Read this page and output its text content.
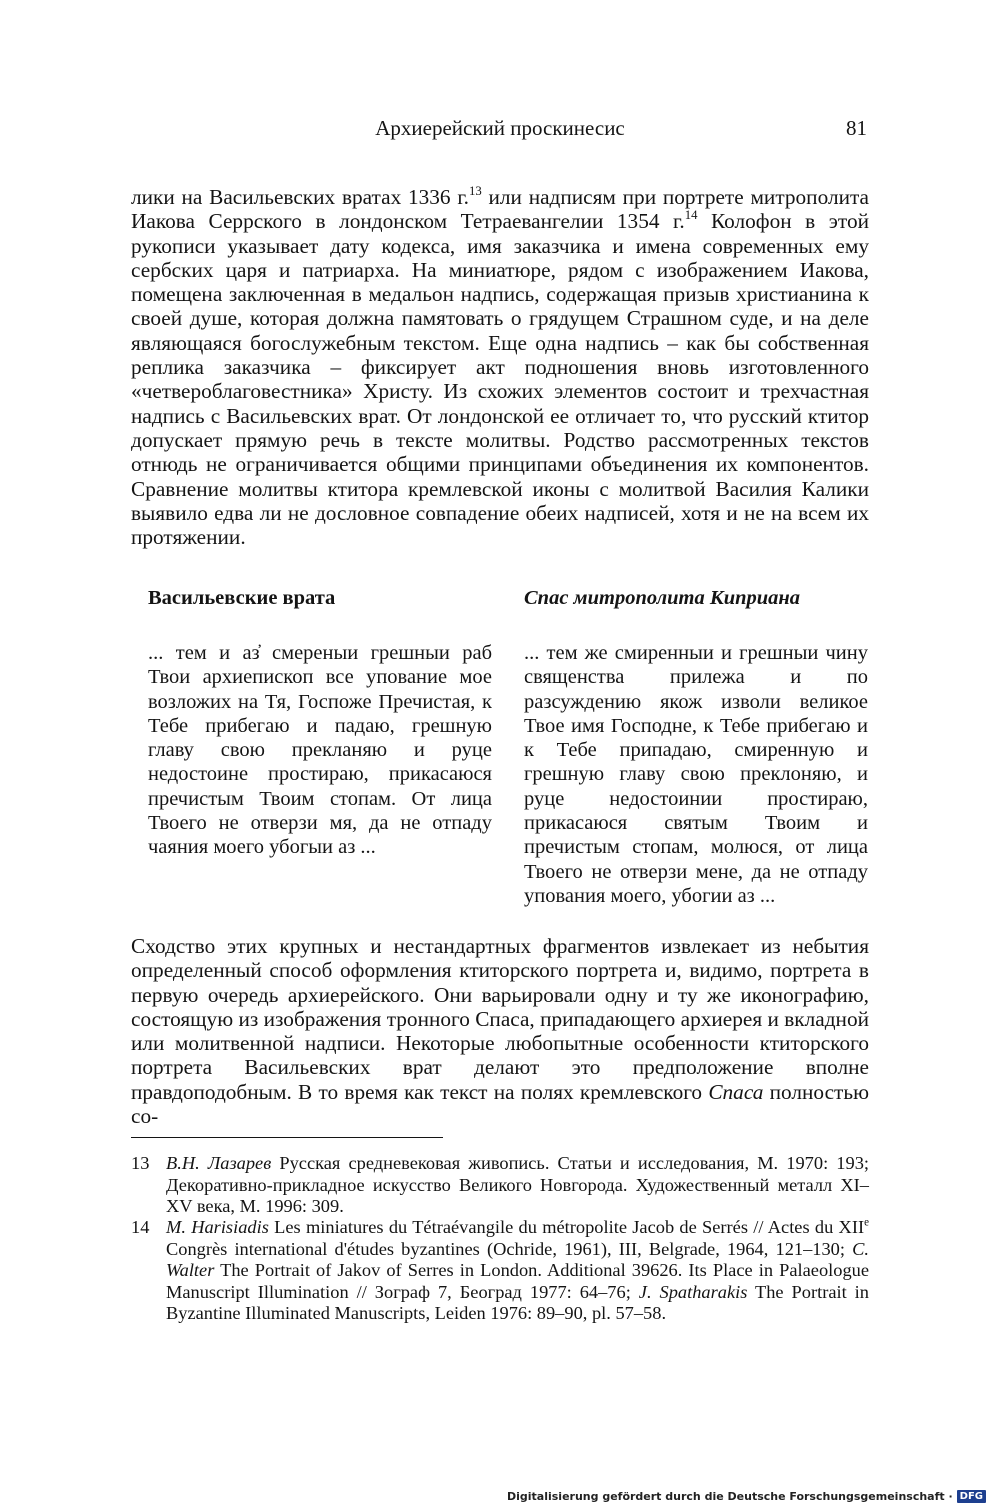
Архиерейский проскинесис	81

лики на Васильевских вратах 1336 г.$^{13}$ или надписям при портрете митрополита Иакова Серрского в лондонском Тетраевангелии 1354 г.$^{14}$ Колофон в этой рукописи указывает дату кодекса, имя заказчика и имена современных ему сербских царя и патриарха. На миниатюре, рядом с изображением Иакова, помещена заключенная в медальон надпись, содержащая призыв христианина к своей душе, которая должна памятовать о грядущем Страшном суде, и на деле являющаяся богослужебным текстом. Еще одна надпись – как бы собственная реплика заказчика – фиксирует акт подношения вновь изготовленного «четвероблаговестника» Христу. Из схожих элементов состоит и трехчастная надпись с Васильевских врат. От лондонской ее отличает то, что русский ктитор допускает прямую речь в тексте молитвы. Родство рассмотренных текстов отнюдь не ограничивается общими принципами объединения их компонентов. Сравнение молитвы ктитора кремлевской иконы с молитвой Василия Калики выявило едва ли не дословное совпадение обеих надписей, хотя и не на всем их протяжении.

Васильевские врата	Спас митрополита Киприана

... тем и аз҆ смереныи грешныи раб Твои архиепископ все упование мое возложих на Тя, Госпоже Пречистая, к Тебе прибегаю и падаю, грешную главу свою прекланяю и руце недостоине простираю, прикасаюся пречистым Твоим стопам. От лица Твоего не отверзи мя, да не отпаду чаяния моего убогыи аз ...

... тем же смиренныи и грешныи чину священства прилежа и по разсуждению якож изволи великое Твое имя Господне, к Тебе прибегаю и к Тебе припадаю, смиренную и грешную главу свою преклоняю, и руце недостоинии простираю, прикасаюся святым Твоим и пречистым стопам, молюся, от лица Твоего не отверзи мене, да не отпаду упования моего, убогии аз ...

Сходство этих крупных и нестандартных фрагментов извлекает из небытия определенный способ оформления ктиторского портрета и, видимо, портрета в первую очередь архиерейского. Они варьировали одну и ту же иконографию, состоящую из изображения тронного Спаса, припадающего архиерея и вкладной или молитвенной надписи. Некоторые любопытные особенности ктиторского портрета Васильевских врат делают это предположение вполне правдоподобным. В то время как текст на полях кремлевского Спаса полностью со-

13 В.Н. Лазарев Русская средневековая живопись. Статьи и исследования, М. 1970: 193; Декоративно-прикладное искусство Великого Новгорода. Художественный металл XI–XV века, М. 1996: 309.
14 M. Harisiadis Les miniatures du Tétraévangile du métropolite Jacob de Serrés // Actes du XIIe Congrès international d'études byzantines (Ochride, 1961), III, Belgrade, 1964, 121–130; C. Walter The Portrait of Jakov of Serres in London. Additional 39626. Its Place in Palaeologue Manuscript Illumination // Зограф 7, Београд 1977: 64–76; J. Spatharakis The Portrait in Byzantine Illuminated Manuscripts, Leiden 1976: 89–90, pl. 57–58.
Digitalisierung gefördert durch die Deutsche Forschungsgemeinschaft · DFG
